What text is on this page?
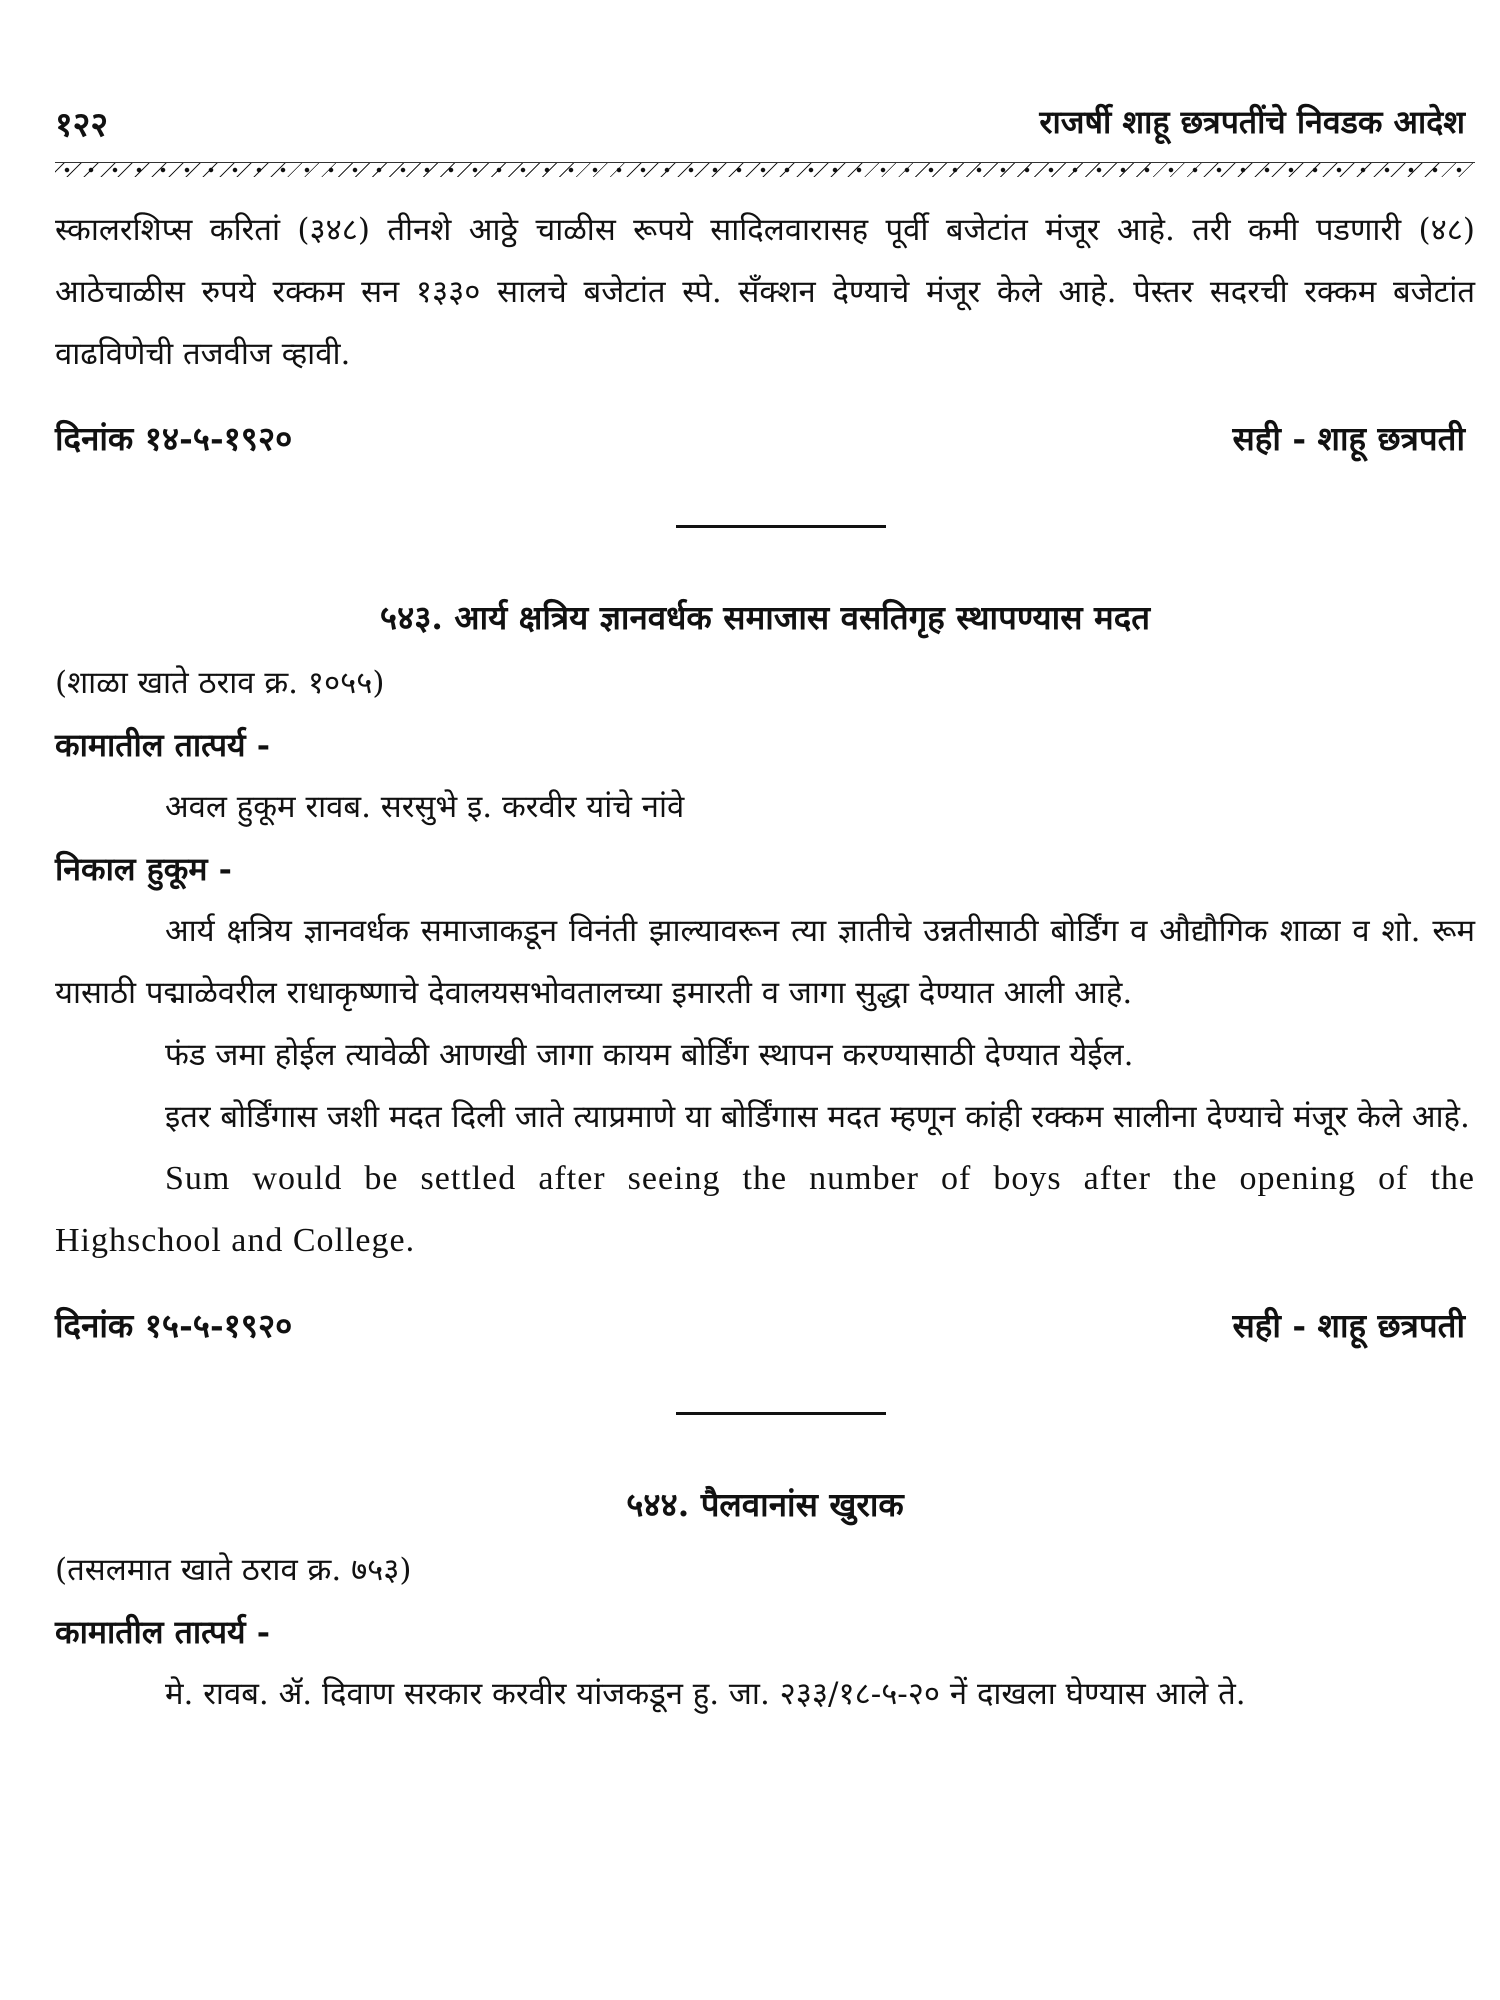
१२२	राजर्षी शाहू छत्रपतींचे निवडक आदेश

स्कालरशिप्स करितां (३४८) तीनशे आठ्ठे चाळीस रूपये सादिलवारासह पूर्वी बजेटांत मंजूर आहे. तरी कमी पडणारी (४८) आठेचाळीस रुपये रक्कम सन १३३० सालचे बजेटांत स्पे. सँक्शन देण्याचे मंजूर केले आहे. पेस्तर सदरची रक्कम बजेटांत वाढविणेची तजवीज व्हावी.

दिनांक १४-५-१९२०	सही - शाहू छत्रपती
५४३. आर्य क्षत्रिय ज्ञानवर्धक समाजास वसतिगृह स्थापण्यास मदत
(शाळा खाते ठराव क्र. १०५५)
कामातील तात्पर्य -
अवल हुकूम रावब. सरसुभे इ. करवीर यांचे नांवे
निकाल हुकूम -

आर्य क्षत्रिय ज्ञानवर्धक समाजाकडून विनंती झाल्यावरून त्या ज्ञातीचे उन्नतीसाठी बोर्डिंग व औद्यौगिक शाळा व शो. रूम यासाठी पद्माळेवरील राधाकृष्णाचे देवालयसभोवतालच्या इमारती व जागा सुद्धा देण्यात आली आहे.

फंड जमा होईल त्यावेळी आणखी जागा कायम बोर्डिंग स्थापन करण्यासाठी देण्यात येईल.

इतर बोर्डिंगास जशी मदत दिली जाते त्याप्रमाणे या बोर्डिंगास मदत म्हणून कांही रक्कम सालीना देण्याचे मंजूर केले आहे.

Sum would be settled after seeing the number of boys after the opening of the Highschool and College.

दिनांक १५-५-१९२०	सही - शाहू छत्रपती
५४४. पैलवानांस खुराक
(तसलमात खाते ठराव क्र. ७५३)
कामातील तात्पर्य -

मे. रावब. ॲ. दिवाण सरकार करवीर यांजकडून हु. जा. २३३/१८-५-२० नें दाखला घेण्यास आले ते.
